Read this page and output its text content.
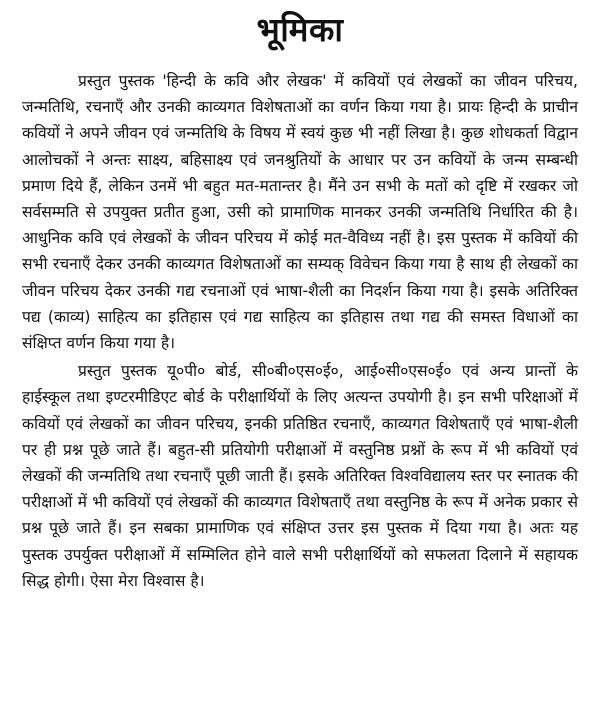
भूमिका

प्रस्तुत पुस्तक 'हिन्दी के कवि और लेखक' में कवियों एवं लेखकों का जीवन परिचय, जन्मतिथि, रचनाएँ और उनकी काव्यगत विशेषताओं का वर्णन किया गया है। प्रायः हिन्दी के प्राचीन कवियों ने अपने जीवन एवं जन्मतिथि के विषय में स्वयं कुछ भी नहीं लिखा है। कुछ शोधकर्ता विद्वान आलोचकों ने अन्तः साक्ष्य, बहिसाक्ष्य एवं जनश्रुतियों के आधार पर उन कवियों के जन्म सम्बन्धी प्रमाण दिये हैं, लेकिन उनमें भी बहुत मत-मतान्तर है। मैंने उन सभी के मतों को दृष्टि में रखकर जो सर्वसम्मति से उपयुक्त प्रतीत हुआ, उसी को प्रामाणिक मानकर उनकी जन्मतिथि निर्धारित की है। आधुनिक कवि एवं लेखकों के जीवन परिचय में कोई मत-वैविध्य नहीं है। इस पुस्तक में कवियों की सभी रचनाएँ देकर उनकी काव्यगत विशेषताओं का सम्यक् विवेचन किया गया है साथ ही लेखकों का जीवन परिचय देकर उनकी गद्य रचनाओं एवं भाषा-शैली का निदर्शन किया गया है। इसके अतिरिक्त पद्य (काव्य) साहित्य का इतिहास एवं गद्य साहित्य का इतिहास तथा गद्य की समस्त विधाओं का संक्षिप्त वर्णन किया गया है।

प्रस्तुत पुस्तक यू०पी० बोर्ड, सी०बी०एस०ई०, आई०सी०एस०ई० एवं अन्य प्रान्तों के हाईस्कूल तथा इण्टरमीडिएट बोर्ड के परीक्षार्थियों के लिए अत्यन्त उपयोगी है। इन सभी परिक्षाओं में कवियों एवं लेखकों का जीवन परिचय, इनकी प्रतिष्ठित रचनाएँ, काव्यगत विशेषताएँ एवं भाषा-शैली पर ही प्रश्न पूछे जाते हैं। बहुत-सी प्रतियोगी परीक्षाओं में वस्तुनिष्ठ प्रश्नों के रूप में भी कवियों एवं लेखकों की जन्मतिथि तथा रचनाएँ पूछी जाती हैं। इसके अतिरिक्त विश्वविद्यालय स्तर पर स्नातक की परीक्षाओं में भी कवियों एवं लेखकों की काव्यगत विशेषताएँ तथा वस्तुनिष्ठ के रूप में अनेक प्रकार से प्रश्न पूछे जाते हैं। इन सबका प्रामाणिक एवं संक्षिप्त उत्तर इस पुस्तक में दिया गया है। अतः यह पुस्तक उपर्युक्त परीक्षाओं में सम्मिलित होने वाले सभी परीक्षार्थियों को सफलता दिलाने में सहायक सिद्ध होगी। ऐसा मेरा विश्वास है।
